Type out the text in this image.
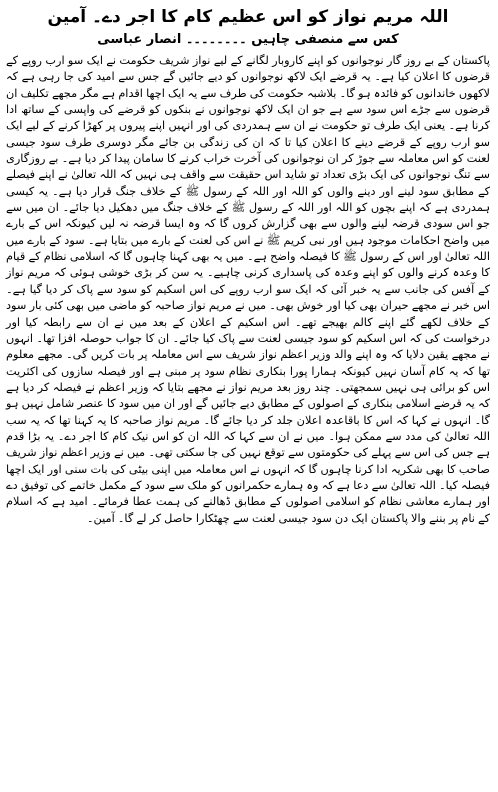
اللہ مریم نواز کو اس عظیم کام کا اجر دے۔ آمین
کس سے منصفی چاہیں ۔۔۔۔۔۔۔۔ انصار عباسی

پاکستان کے بے روز گار نوجوانوں کو اپنے کاروبار لگانے کے لیے نواز شریف حکومت نے ایک سو ارب روپے کے قرضوں کا اعلان کیا ہے۔ یہ قرضے ایک لاکھ نوجوانوں کو دیے جائیں گے جس سے امید کی جا رہی ہے کہ لاکھوں خاندانوں کو فائدہ ہو گا۔ بلاشبہ حکومت کی طرف سے یہ ایک اچھا اقدام ہے مگر مجھے تکلیف ان قرضوں سے جڑے اس سود سے ہے جو ان ایک لاکھ نوجوانوں نے بنکوں کو قرضے کی واپسی کے ساتھ ادا کرنا ہے۔ یعنی ایک طرف تو حکومت نے ان سے ہمدردی کی اور انہیں اپنے پیروں پر کھڑا کرنے کے لیے ایک سو ارب روپے کے قرضے دینے کا اعلان کیا تا کہ ان کی زندگی بن جائے مگر دوسری طرف سود جیسی لعنت کو اس معاملہ سے جوڑ کر ان نوجوانوں کی آخرت خراب کرنے کا سامان پیدا کر دیا ہے۔ بے روزگاری سے تنگ نوجوانوں کی ایک بڑی تعداد تو شاید اس حقیقت سے واقف ہی نہیں کہ اللہ تعالیٰ نے اپنے فیصلے کے مطابق سود لینے اور دینے والوں کو اللہ اور اللہ کے رسول ﷺ کے خلاف جنگ قرار دیا ہے۔ یہ کیسی ہمدردی ہے کہ اپنے بچوں کو اللہ اور اللہ کے رسول ﷺ کے خلاف جنگ میں دھکیل دیا جائے۔ ان میں سے جو اس سودی قرضہ لینے والوں سے بھی گزارش کروں گا کہ وہ ایسا قرضہ نہ لیں کیونکہ اس کے بارے میں واضح احکامات موجود ہیں اور نبی کریم ﷺ نے اس کی لعنت کے بارے میں بتایا ہے۔ سود کے بارے میں اللہ تعالیٰ اور اس کے رسول ﷺ کا فیصلہ واضح ہے۔ میں یہ بھی کہنا چاہوں گا کہ اسلامی نظام کے قیام کا وعدہ کرنے والوں کو اپنے وعدہ کی پاسداری کرنی چاہیے۔ یہ سن کر بڑی خوشی ہوئی کہ مریم نواز کے آفس کی جانب سے یہ خبر آئی کہ ایک سو ارب روپے کی اس اسکیم کو سود سے پاک کر دیا گیا ہے۔ اس خبر نے مجھے حیران بھی کیا اور خوش بھی۔ میں نے مریم نواز صاحبہ کو ماضی میں بھی کئی بار سود کے خلاف لکھے گئے اپنے کالم بھیجے تھے۔ اس اسکیم کے اعلان کے بعد میں نے ان سے رابطہ کیا اور درخواست کی کہ اس اسکیم کو سود جیسی لعنت سے پاک کیا جائے۔ ان کا جواب حوصلہ افزا تھا۔ انہوں نے مجھے یقین دلایا کہ وہ اپنے والد وزیر اعظم نواز شریف سے اس معاملہ پر بات کریں گی۔ مجھے معلوم تھا کہ یہ کام آسان نہیں کیونکہ ہمارا پورا بنکاری نظام سود پر مبنی ہے اور فیصلہ سازوں کی اکثریت اس کو برائی ہی نہیں سمجھتی۔ چند روز بعد مریم نواز نے مجھے بتایا کہ وزیر اعظم نے فیصلہ کر دیا ہے کہ یہ قرضے اسلامی بنکاری کے اصولوں کے مطابق دیے جائیں گے اور ان میں سود کا عنصر شامل نہیں ہو گا۔ انہوں نے کہا کہ اس کا باقاعدہ اعلان جلد کر دیا جائے گا۔ مریم نواز صاحبہ کا یہ کہنا تھا کہ یہ سب اللہ تعالیٰ کی مدد سے ممکن ہوا۔ میں نے ان سے کہا کہ اللہ ان کو اس نیک کام کا اجر دے۔ یہ بڑا قدم ہے جس کی اس سے پہلے کی حکومتوں سے توقع نہیں کی جا سکتی تھی۔ میں نے وزیر اعظم نواز شریف صاحب کا بھی شکریہ ادا کرنا چاہوں گا کہ انہوں نے اس معاملہ میں اپنی بیٹی کی بات سنی اور ایک اچھا فیصلہ کیا۔ اللہ تعالیٰ سے دعا ہے کہ وہ ہمارے حکمرانوں کو ملک سے سود کے مکمل خاتمے کی توفیق دے اور ہمارے معاشی نظام کو اسلامی اصولوں کے مطابق ڈھالنے کی ہمت عطا فرمائے۔ امید ہے کہ اسلام کے نام پر بننے والا پاکستان ایک دن سود جیسی لعنت سے چھٹکارا حاصل کر لے گا۔ آمین۔
